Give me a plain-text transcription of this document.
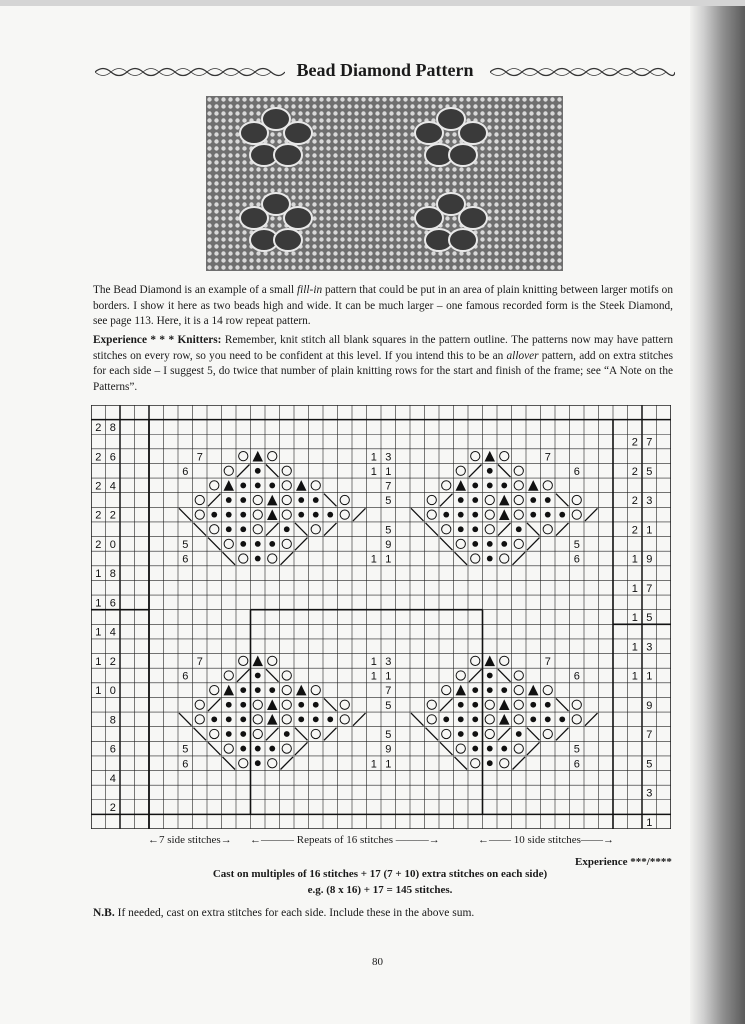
Bead Diamond Pattern

The Bead Diamond is an example of a small fill-in pattern that could be put in an area of plain knitting between larger motifs on borders. I show it here as two beads high and wide. It can be much larger – one famous recorded form is the Steek Diamond, see page 113. Here, it is a 14 row repeat pattern.

Experience * * * Knitters: Remember, knit stitch all blank squares in the pattern outline. The patterns now may have pattern stitches on every row, so you need to be confident at this level. If you intend this to be an allover pattern, add on extra stitches for each side – I suggest 5, do twice that number of plain knitting rows for the start and finish of the frame; see “A Note on the Patterns”.

2 8
2 6
2 4
2 2
2 0
1 8
1 6
1 4
1 2
1 0
8
6
4
2
2 7
2 5
2 3
2 1
1 9
1 7
1 5
1 3
1 1
9
7
5
3
1
7
6
5
6
1 3
1 1
7
5
5
9
1 1
7
6
5
6
7
6
5
6
1 3
1 1
7
5
5
9
1 1
7
6
5
6
←7 side stitches→ ←——— Repeats of 16 stitches ———→	←—— 10 side stitches——→
Experience ***/****
Cast on multiples of 16 stitches + 17 (7 + 10) extra stitches on each side)
e.g. (8 x 16) + 17 = 145 stitches.
N.B. If needed, cast on extra stitches for each side. Include these in the above sum.
80
